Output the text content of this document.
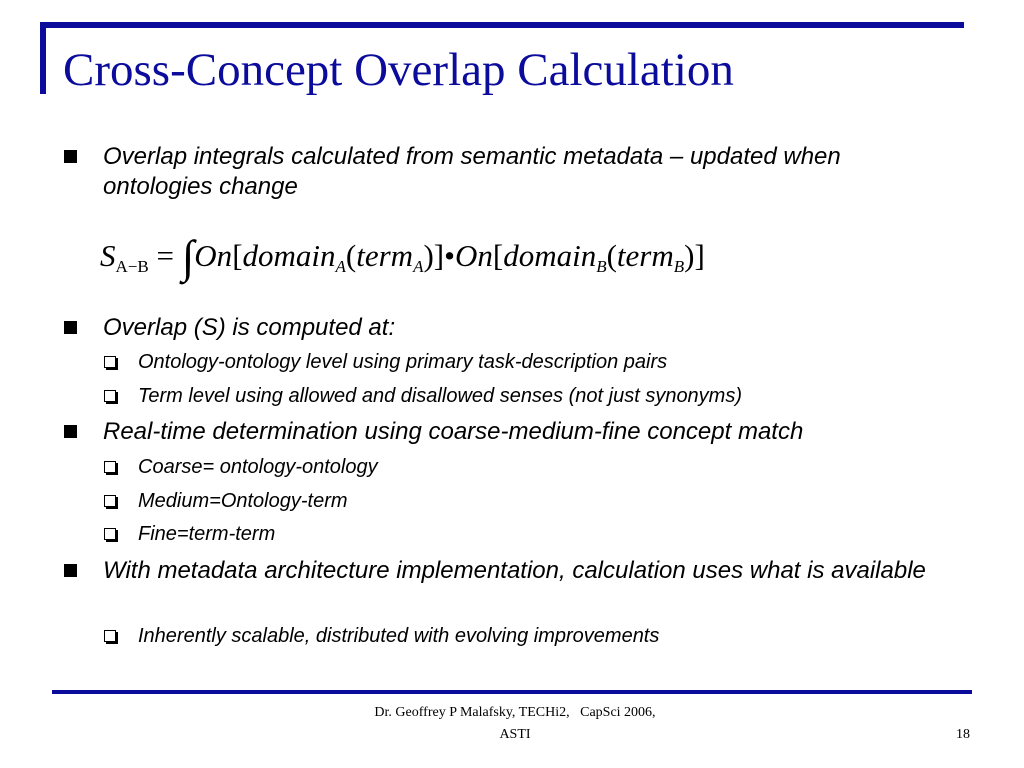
Cross-Concept Overlap Calculation
Overlap integrals calculated from semantic metadata – updated when ontologies change
$S_{A-B}$ = ∫On[domain$_A$(term$_A$)]•On[domain$_B$(term$_B$)]
Overlap (S) is computed at:
Ontology-ontology level using primary task-description pairs
Term level using allowed and disallowed senses (not just synonyms)
Real-time determination using coarse-medium-fine concept match
Coarse= ontology-ontology
Medium=Ontology-term
Fine=term-term
With metadata architecture implementation, calculation uses what is available
Inherently scalable, distributed with evolving improvements
Dr. Geoffrey P Malafsky, TECHi2,   CapSci 2006,
ASTI	18
